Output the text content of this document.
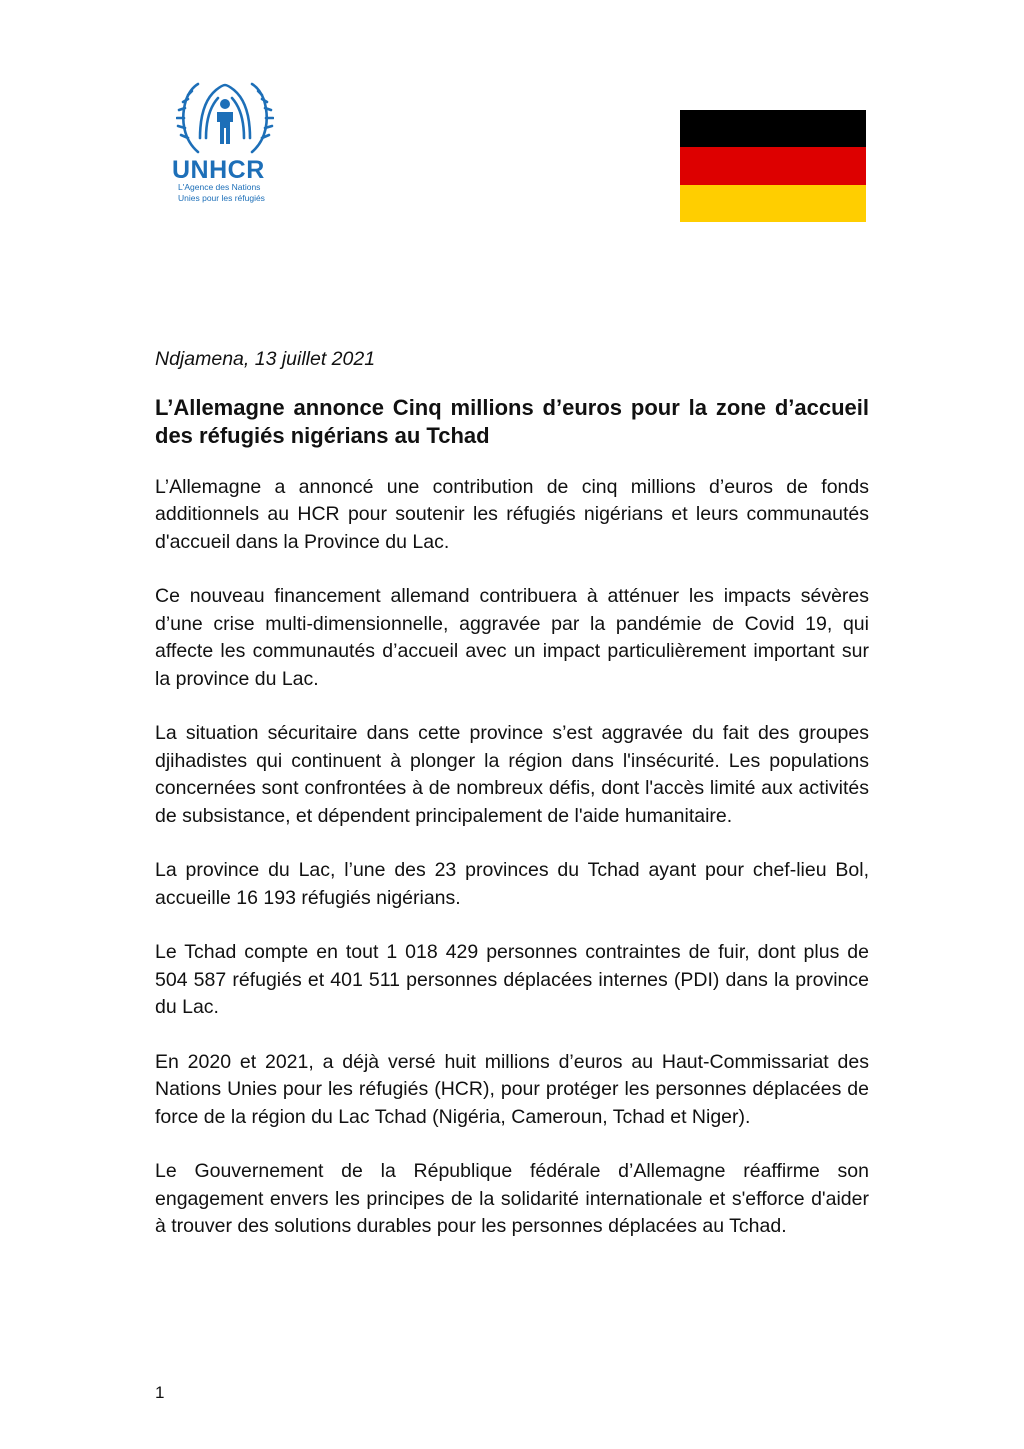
UNHCR
L'Agence des Nations
Unies pour les réfugiés
Ndjamena, 13 juillet 2021
L’Allemagne annonce Cinq millions d’euros pour la zone d’accueil des réfugiés nigérians au Tchad
L’Allemagne a annoncé une contribution de cinq millions d’euros de fonds additionnels au HCR pour soutenir les réfugiés nigérians et leurs communautés d'accueil dans la Province du Lac.
Ce nouveau financement allemand contribuera à atténuer les impacts sévères d’une crise multi-dimensionnelle, aggravée par la pandémie de Covid 19, qui affecte les communautés d’accueil avec un impact particulièrement important sur la province du Lac.
La situation sécuritaire dans cette province s’est aggravée du fait des groupes djihadistes qui continuent à plonger la région dans l'insécurité. Les populations concernées sont confrontées à de nombreux défis, dont l'accès limité aux activités de subsistance, et dépendent principalement de l'aide humanitaire.
La province du Lac, l’une des 23 provinces du Tchad ayant pour chef-lieu Bol, accueille 16 193 réfugiés nigérians.
Le Tchad compte en tout 1 018 429 personnes contraintes de fuir, dont plus de 504 587 réfugiés et 401 511 personnes déplacées internes (PDI) dans la province du Lac.
En 2020 et 2021, a déjà versé huit millions d’euros au Haut-Commissariat des Nations Unies pour les réfugiés (HCR), pour protéger les personnes déplacées de force de la région du Lac Tchad (Nigéria, Cameroun, Tchad et Niger).
Le Gouvernement de la République fédérale d’Allemagne réaffirme son engagement envers les principes de la solidarité internationale et s'efforce d'aider à trouver des solutions durables pour les personnes déplacées au Tchad.
1
